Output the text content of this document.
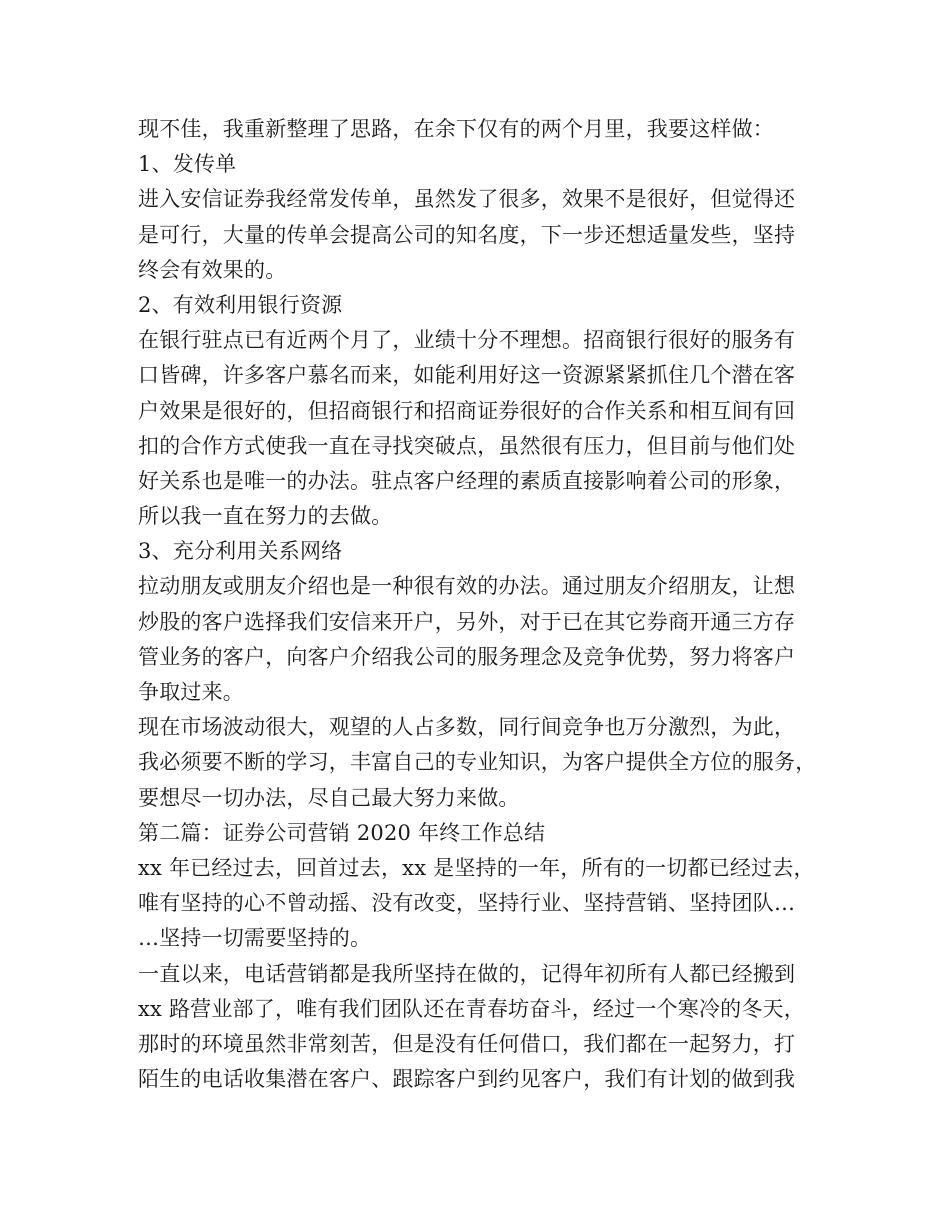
现不佳，我重新整理了思路，在余下仅有的两个月里，我要这样做：
1、发传单
进入安信证券我经常发传单，虽然发了很多，效果不是很好，但觉得还
是可行，大量的传单会提高公司的知名度，下一步还想适量发些，坚持
终会有效果的。
2、有效利用银行资源
在银行驻点已有近两个月了，业绩十分不理想。招商银行很好的服务有
口皆碑，许多客户慕名而来，如能利用好这一资源紧紧抓住几个潜在客
户效果是很好的，但招商银行和招商证券很好的合作关系和相互间有回
扣的合作方式使我一直在寻找突破点，虽然很有压力，但目前与他们处
好关系也是唯一的办法。驻点客户经理的素质直接影响着公司的形象，
所以我一直在努力的去做。
3、充分利用关系网络
拉动朋友或朋友介绍也是一种很有效的办法。通过朋友介绍朋友，让想
炒股的客户选择我们安信来开户，另外，对于已在其它券商开通三方存
管业务的客户，向客户介绍我公司的服务理念及竞争优势，努力将客户
争取过来。
现在市场波动很大，观望的人占多数，同行间竞争也万分激烈，为此，
我必须要不断的学习，丰富自己的专业知识，为客户提供全方位的服务，
要想尽一切办法，尽自己最大努力来做。
第二篇：证券公司营销 2020 年终工作总结
xx 年已经过去，回首过去，xx 是坚持的一年，所有的一切都已经过去，
唯有坚持的心不曾动摇、没有改变，坚持行业、坚持营销、坚持团队…
…坚持一切需要坚持的。
一直以来，电话营销都是我所坚持在做的，记得年初所有人都已经搬到
xx 路营业部了，唯有我们团队还在青春坊奋斗，经过一个寒冷的冬天，
那时的环境虽然非常刻苦，但是没有任何借口，我们都在一起努力，打
陌生的电话收集潜在客户、跟踪客户到约见客户，我们有计划的做到我
